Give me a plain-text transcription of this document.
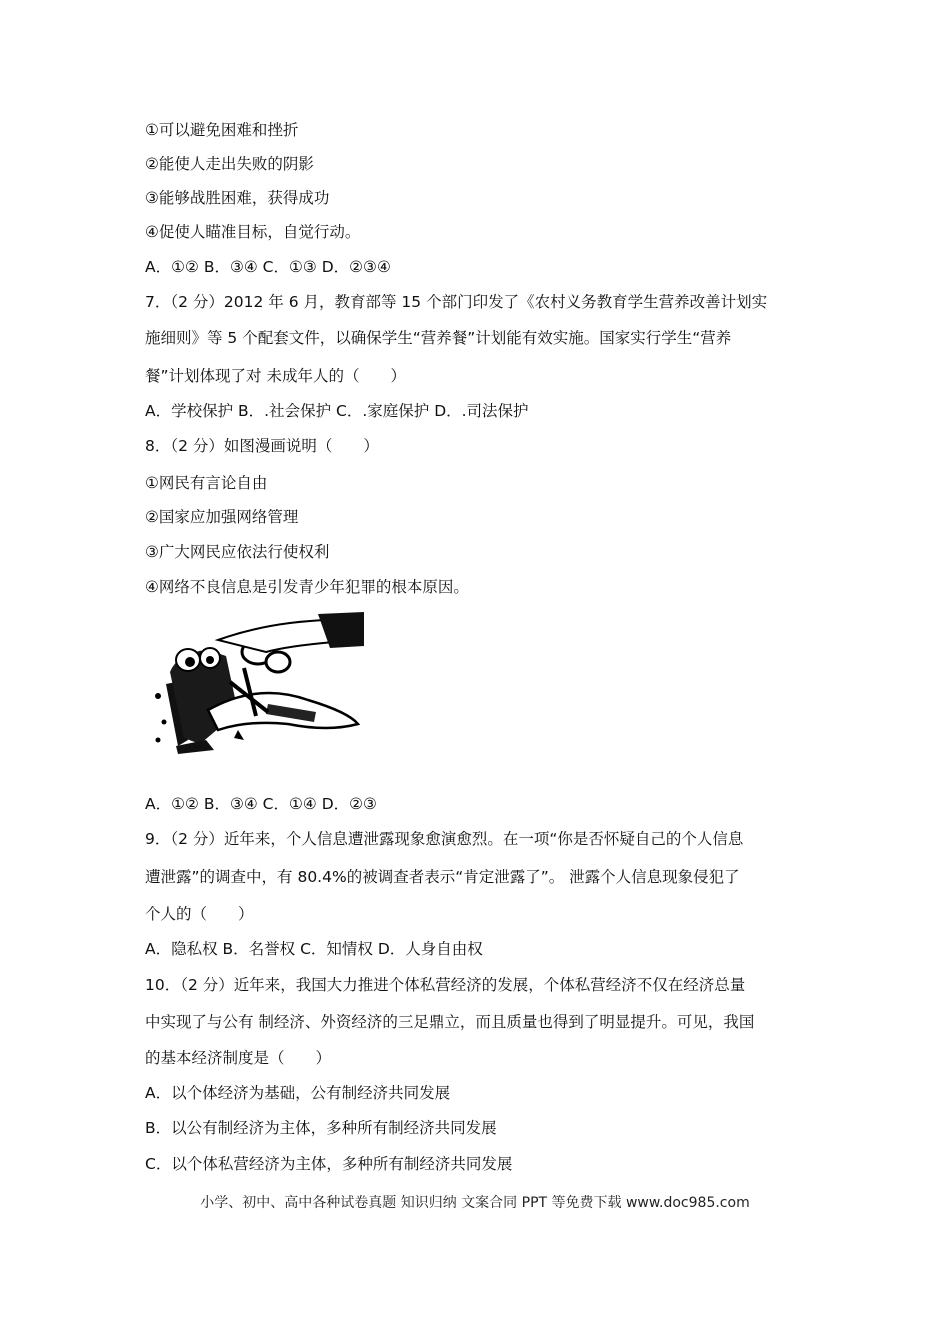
①可以避免困难和挫折
②能使人走出失败的阴影
③能够战胜困难，获得成功
④促使人瞄准目标，自觉行动。
A．①② B．③④ C．①③ D．②③④
7．（2 分）2012 年 6 月，教育部等 15 个部门印发了《农村义务教育学生营养改善计划实
施细则》等 5 个配套文件，以确保学生“营养餐”计划能有效实施。国家实行学生“营养
餐”计划体现了对 未成年人的（　　）
A．学校保护 B．.社会保护 C．.家庭保护 D．.司法保护
8．（2 分）如图漫画说明（　　）
①网民有言论自由
②国家应加强网络管理
③广大网民应依法行使权利
④网络不良信息是引发青少年犯罪的根本原因。
A．①② B．③④ C．①④ D．②③
9．（2 分）近年来，个人信息遭泄露现象愈演愈烈。在一项“你是否怀疑自己的个人信息
遭泄露”的调查中，有 80.4%的被调查者表示“肯定泄露了”。 泄露个人信息现象侵犯了
个人的（　　）
A．隐私权 B．名誉权 C．知情权 D．人身自由权
10．（2 分）近年来，我国大力推进个体私营经济的发展，个体私营经济不仅在经济总量
中实现了与公有 制经济、外资经济的三足鼎立，而且质量也得到了明显提升。可见，我国
的基本经济制度是（　　）
A．以个体经济为基础，公有制经济共同发展
B．以公有制经济为主体，多种所有制经济共同发展
C．以个体私营经济为主体，多种所有制经济共同发展
小学、初中、高中各种试卷真题 知识归纳 文案合同 PPT 等免费下载 www.doc985.com
